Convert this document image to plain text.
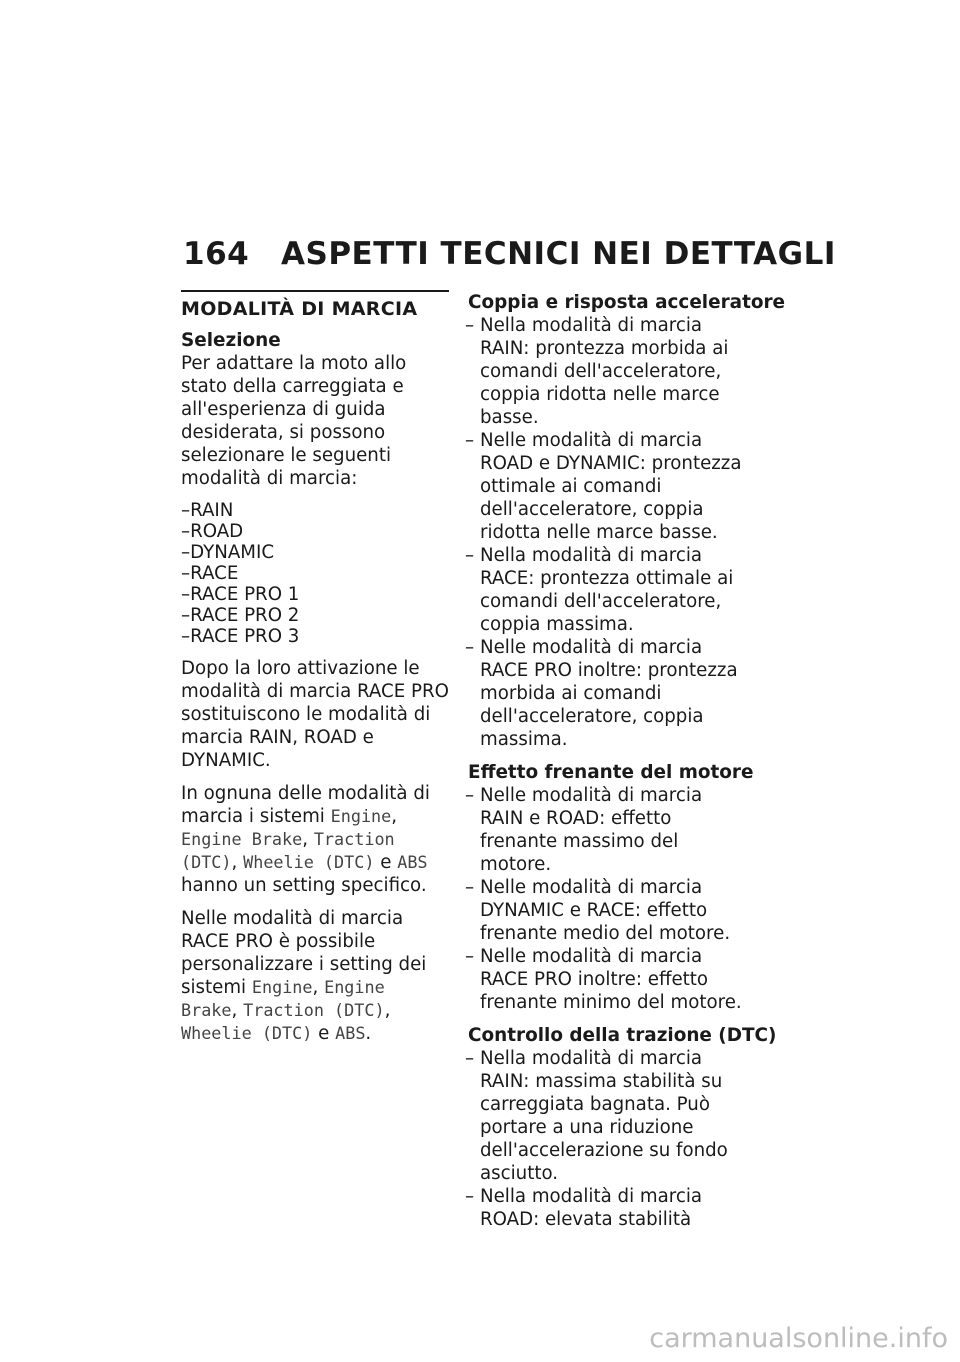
164 ASPETTI TECNICI NEI DETTAGLI
MODALITÀ DI MARCIA
Selezione

Per adattare la moto allo stato della carreggiata e all'esperienza di guida desiderata, si possono selezionare le seguenti modalità di marcia:

–RAIN
–ROAD
–DYNAMIC
–RACE
–RACE PRO 1
–RACE PRO 2
–RACE PRO 3

Dopo la loro attivazione le modalità di marcia RACE PRO sostituiscono le modalità di marcia RAIN, ROAD e DYNAMIC.

In ognuna delle modalità di marcia i sistemi Engine, Engine Brake, Traction (DTC), Wheelie (DTC) e ABS hanno un setting specifico.

Nelle modalità di marcia RACE PRO è possibile personalizzare i setting dei sistemi Engine, Engine Brake, Traction (DTC), Wheelie (DTC) e ABS.

Coppia e risposta acceleratore
– Nella modalità di marcia RAIN: prontezza morbida ai comandi dell'acceleratore, coppia ridotta nelle marce basse.
– Nelle modalità di marcia ROAD e DYNAMIC: prontezza ottimale ai comandi dell'acceleratore, coppia ridotta nelle marce basse.
– Nella modalità di marcia RACE: prontezza ottimale ai comandi dell'acceleratore, coppia massima.
– Nelle modalità di marcia RACE PRO inoltre: prontezza morbida ai comandi dell'acceleratore, coppia massima.
Effetto frenante del motore
– Nelle modalità di marcia RAIN e ROAD: effetto frenante massimo del motore.
– Nelle modalità di marcia DYNAMIC e RACE: effetto frenante medio del motore.
– Nelle modalità di marcia RACE PRO inoltre: effetto frenante minimo del motore.
Controllo della trazione (DTC)
– Nella modalità di marcia RAIN: massima stabilità su carreggiata bagnata. Può portare a una riduzione dell'accelerazione su fondo asciutto.
– Nella modalità di marcia ROAD: elevata stabilità
carmanualsonline.info
